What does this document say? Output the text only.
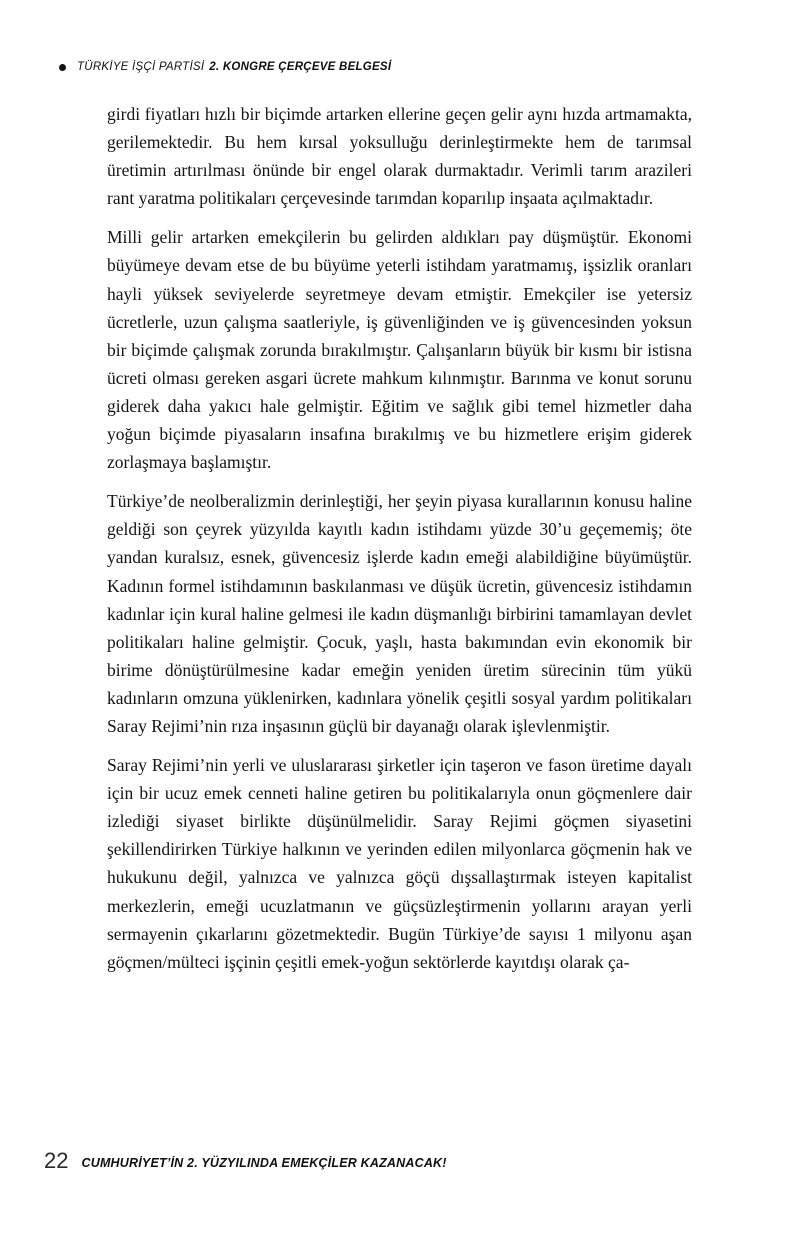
TÜRKİYE İŞÇİ PARTİSİ 2. KONGRE ÇERÇEVE BELGESİ

girdi fiyatları hızlı bir biçimde artarken ellerine geçen gelir aynı hızda artmamakta, gerilemektedir. Bu hem kırsal yoksulluğu derinleştirmekte hem de tarımsal üretimin artırılması önünde bir engel olarak durmaktadır. Verimli tarım arazileri rant yaratma politikaları çerçevesinde tarımdan koparılıp inşaata açılmaktadır.

Milli gelir artarken emekçilerin bu gelirden aldıkları pay düşmüştür. Ekonomi büyümeye devam etse de bu büyüme yeterli istihdam yaratmamış, işsizlik oranları hayli yüksek seviyelerde seyretmeye devam etmiştir. Emekçiler ise yetersiz ücretlerle, uzun çalışma saatleriyle, iş güvenliğinden ve iş güvencesinden yoksun bir biçimde çalışmak zorunda bırakılmıştır. Çalışanların büyük bir kısmı bir istisna ücreti olması gereken asgari ücrete mahkum kılınmıştır. Barınma ve konut sorunu giderek daha yakıcı hale gelmiştir. Eğitim ve sağlık gibi temel hizmetler daha yoğun biçimde piyasaların insafına bırakılmış ve bu hizmetlere erişim giderek zorlaşmaya başlamıştır.

Türkiye’de neolberalizmin derinleştiği, her şeyin piyasa kurallarının konusu haline geldiği son çeyrek yüzyılda kayıtlı kadın istihdamı yüzde 30’u geçememiş; öte yandan kuralsız, esnek, güvencesiz işlerde kadın emeği alabildiğine büyümüştür. Kadının formel istihdamının baskılanması ve düşük ücretin, güvencesiz istihdamın kadınlar için kural haline gelmesi ile kadın düşmanlığı birbirini tamamlayan devlet politikaları haline gelmiştir. Çocuk, yaşlı, hasta bakımından evin ekonomik bir birime dönüştürülmesine kadar emeğin yeniden üretim sürecinin tüm yükü kadınların omzuna yüklenirken, kadınlara yönelik çeşitli sosyal yardım politikaları Saray Rejimi’nin rıza inşasının güçlü bir dayanağı olarak işlevlenmiştir.

Saray Rejimi’nin yerli ve uluslararası şirketler için taşeron ve fason üretime dayalı için bir ucuz emek cenneti haline getiren bu politikalarıyla onun göçmenlere dair izlediği siyaset birlikte düşünülmelidir. Saray Rejimi göçmen siyasetini şekillendirirken Türkiye halkının ve yerinden edilen milyonlarca göçmenin hak ve hukukunu değil, yalnızca ve yalnızca göçü dışsallaştırmak isteyen kapitalist merkezlerin, emeği ucuzlatmanın ve güçsüzleştirmenin yollarını arayan yerli sermayenin çıkarlarını gözetmektedir. Bugün Türkiye’de sayısı 1 milyonu aşan göçmen/mülteci işçinin çeşitli emek-yoğun sektörlerde kayıtdışı olarak ça-

22 CUMHURİYET’İN 2. YÜZYILINDA EMEKÇİLER KAZANACAK!
